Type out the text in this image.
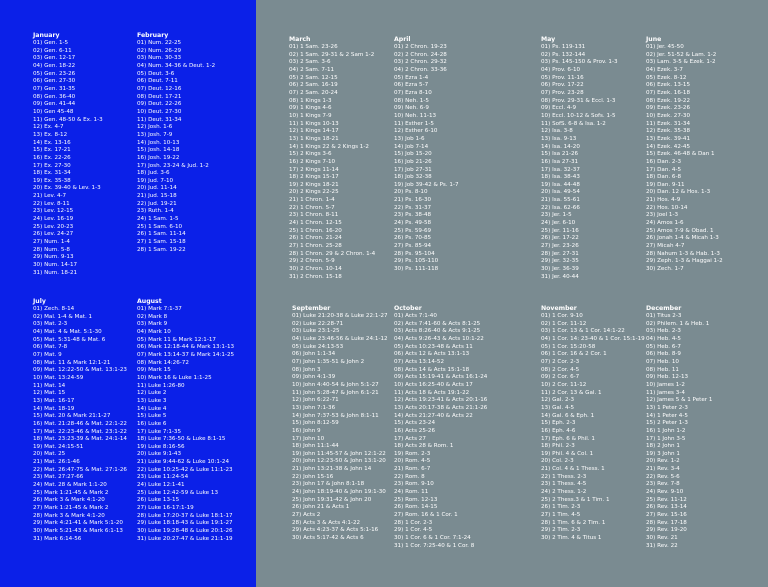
January
01) Gen. 1-5
02) Gen. 6-11
03) Gen. 12-17
04) Gen. 18-22
05) Gen. 23-26
06) Gen. 27-30
07) Gen. 31-35
08) Gen. 36-40
09) Gen. 41-44
10) Gen 45-48
11) Gen. 48-50 & Ex. 1-3
12) Ex. 4-7
13) Ex. 8-12
14) Ex. 13-16
15) Ex. 17-21
16) Ex. 22-26
17) Ex. 27-30
18) Ex. 31-34
19) Ex. 35-38
20) Ex. 39-40 & Lev. 1-3
21) Lev. 4-7
22) Lev. 8-11
23) Lev. 12-15
24) Lev. 16-19
25) Lev. 20-23
26) Lev. 24-27
27) Num. 1-4
28) Num. 5-8
29) Num. 9-13
30) Num. 14-17
31) Num. 18-21
February
01) Num. 22-25
02) Num. 26-29
03) Num. 30-33
04) Num. 34-36 & Deut. 1-2
05) Deut. 3-6
06) Deut. 7-11
07) Deut. 12-16
08) Deut. 17-21
09) Deut. 22-26
10) Deut. 27-30
11) Deut. 31-34
12) Josh. 1-6
13) Josh. 7-9
14) Josh. 10-13
15) Josh. 14-18
16) Josh. 19-22
17) Josh. 23-24 & Jud. 1-2
18) Jud. 3-6
19) Jud. 7-10
20) Jud. 11-14
21) Jud. 15-18
22) Jud. 19-21
23) Ruth. 1-4
24) 1 Sam. 1-5
25) 1 Sam. 6-10
26) 1 Sam. 11-14
27) 1 Sam. 15-18
28) 1 Sam. 19-22
March
01) 1 Sam. 23-26
02) 1 Sam. 29-31 & 2 Sam 1-2
03) 2 Sam. 3-6
04) 2 Sam. 7-11
05) 2 Sam. 12-15
06) 2 Sam. 16-19
07) 2 Sam. 20-24
08) 1 Kings 1-3
09) 1 Kings 4-6
10) 1 Kings 7-9
11) 1 Kings 10-13
12) 1 Kings 14-17
13) 1 Kings 18-21
14) 1 Kings 22 & 2 Kings 1-2
15) 2 Kings 3-6
16) 2 Kings 7-10
17) 2 Kings 11-14
18) 2 Kings 15-17
19) 2 Kings 18-21
20) 2 Kings 22-25
21) 1 Chron. 1-4
22) 1 Chron. 5-7
23) 1 Chron. 8-11
24) 1 Chron. 12-15
25) 1 Chron. 16-20
26) 1 Chron. 21-24
27) 1 Chron. 25-28
28) 1 Chron. 29 & 2 Chron. 1-4
29) 2 Chron. 5-9
30) 2 Chron. 10-14
31) 2 Chron. 15-18
April
01) 2 Chron. 19-23
02) 2 Chron. 24-28
03) 2 Chron. 29-32
04) 2 Chron. 33-36
05) Ezra 1-4
06) Ezra 5-7
07) Ezra 8-10
08) Neh. 1-5
09) Neh. 6-9
10) Neh. 11-13
11) Esther 1-5
12) Esther 6-10
13) Job 1-6
14) Job 7-14
15) Job 15-20
16) Job 21-26
17) Job 27-31
18) Job 32-38
19) Job 39-42 & Ps. 1-7
20) Ps. 8-10
21) Ps. 16-30
22) Ps. 31-37
23) Ps. 38-48
24) Ps. 49-58
25) Ps. 59-69
26) Ps. 70-85
27) Ps. 85-94
28) Ps. 95-104
29) Ps. 105-110
30) Ps. 111-118
May
01) Ps. 119-131
02) Ps. 132-144
03) Ps. 145-150 & Prov. 1-3
04) Prov. 6-10
05) Prov. 11-16
06) Prov. 17-22
07) Prov. 23-28
08) Prov. 29-31 & Eccl. 1-3
09) Eccl. 4-9
10) Eccl. 10-12 & Sofs. 1-5
11) SofS. 6-8 & Isa. 1-2
12) Isa. 3-8
13) Isa. 9-13
14) Isa. 14-20
15) Isa 21-26
16) Isa 27-31
17) Isa. 32-37
18) Isa. 38-43
19) Isa. 44-48
20) Isa. 49-54
21) Isa. 55-61
22) Isa. 62-66
23) Jer. 1-5
24) Jer. 6-10
25) Jer. 11-16
26) Jer. 17-22
27) Jer. 23-26
28) Jer. 27-31
29) Jer. 32-35
30) Jer. 36-39
31) Jer. 40-44
June
01) Jer. 45-50
02) Jer. 51-52 & Lam. 1-2
03) Lam. 3-5 & Ezek. 1-2
04) Ezek. 3-7
05) Ezek. 8-12
06) Ezek. 13-15
07) Ezek. 16-18
08) Ezek. 19-22
09) Ezek. 23-26
10) Ezek. 27-30
11) Ezek. 31-34
12) Ezek. 35-38
13) Ezek. 39-41
14) Ezek. 42-45
15) Ezek. 46-48 & Dan 1
16) Dan. 2-3
17) Dan. 4-5
18) Dan. 6-8
19) Dan. 9-11
20) Dan. 12 & Hos. 1-3
21) Hos. 4-9
22) Hos. 10-14
23) Joel 1-3
24) Amos 1-6
25) Amos 7-9 & Obad. 1
26) Jonah 1-4 & Micah 1-3
27) Micah 4-7
28) Nahum 1-3 & Hab. 1-3
29) Zeph. 1-3 & Haggai 1-2
30) Zech. 1-7
July
01) Zech. 8-14
02) Mal. 1-4 & Mat. 1
03) Mat. 2-3
04) Mat. 4 & Mat. 5:1-30
05) Mat. 5:31-48 & Mat. 6
06) Mat. 7-8
07) Mat. 9
08) Mat. 11 & Mark 12:1-21
09) Mat. 12:22-50 & Mat. 13:1-23
10) Mat. 13:24-59
11) Mat. 14
12) Mat. 15
13) Mat. 16-17
14) Mat. 18-19
15) Mat. 20 & Mark 21:1-27
16) Mat. 21:28-46 & Mat. 22:1-22
17) Mat. 22:23-46 & Mat. 23:1-22
18) Mat. 23:23-39 & Mat. 24:1-14
19) Mat. 24:15-51
20) Mat. 25
21) Mat. 26:1-46
22) Mat. 26:47-75 & Mat. 27:1-26
23) Mat. 27:27-66
24) Mat. 28 & Mark 1:1-20
25) Mark 1:21-45 & Mark 2
26) Mark 3 & Mark 4:1-20
27) Mark 1:21-45 & Mark 2
28) Mark 3 & Mark 4:1-20
29) Mark 4:21-41 & Mark 5:1-20
30) Mark 5:21-43 & Mark 6:1-13
31) Mark 6:14-56
August
01) Mark 7:1-37
02) Mark 8
03) Mark 9
04) Mark 10
05) Mark 11 & Mark 12:1-17
06) Mark 12:18-44 & Mark 13:1-13
07) Mark 13:14-37 & Mark 14:1-25
08) Mark 14:26-72
09) Mark 15
10) Mark 16 & Luke 1:1-25
11) Luke 1:26-80
12) Luke 2
13) Luke 3
14) Luke 4
15) Luke 5
16) Luke 6
17) Luke 7:1-35
18) Luke 7:36-50 & Luke 8:1-15
19) Luke 8:16-56
20) Luke 9:1-43
21) Luke 9:44-62 & Luke 10:1-24
22) Luke 10:25-42 & Luke 11:1-23
23) Luke 11:24-54
24) Luke 12:1-41
25) Luke 12:42-59 & Luke 13
26) Luke 13-15
27) Luke 16-17:1-19
28) Luke 17:20-37 & Luke 18:1-17
29) Luke 18:18-43 & Luke 19:1-27
30) Luke 19:28-48 & Luke 20:1-26
31) Luke 20:27-47 & Luke 21:1-19
September
01) Luke 21:20-38 & Luke 22:1-27
02) Luke 22:28-71
03) Luke 23:1-25
04) Luke 23:46-56 & Luke 24:1-12
05) Luke 24:13-53
06) John 1:1-34
07) John 1:35-51 & John 2
08) John 3
09) John 4:1-39
10) John 4:40-54 & John 5:1-27
11) John 5:28-47 & John 6:1-21
12) John 6:22-71
13) John 7:1-36
14) John 7:37-53 & John 8:1-11
15) John 8:12-59
16) John 9
17) John 10
18) John 11:1-44
19) John 11:45-57 & John 12:1-22
20) John 12:23-50 & John 13:1-20
21) John 13:21-38 & John 14
22) John 15-16
23) John 17 & John 8:1-18
24) John 18:19-40 & John 19:1-30
25) John 19:31-42 & John 20
26) John 21 & Acts 1
27) Acts 2
28) Acts 3 & Acts 4:1-22
29) Acts 4:23-37 & Acts 5:1-16
30) Acts 5:17-42 & Acts 6
October
01) Acts 7:1-40
02) Acts 7:41-60 & Acts 8:1-25
03) Acts 8:26-40 & Acts 9:1-25
04) Acts 9:26-43 & Acts 10:1-22
05) Acts 10:23-48 & Acts 11
06) Acts 12 & Acts 13:1-13
07) Acts 13:14-52
08) Acts 14 & Acts 15:1-18
09) Acts 15:19-41 & Acts 16:1-24
10) Acts 16:25-40 & Acts 17
11) Acts 18 & Acts 19:1-22
12) Acts 19:23-41 & Acts 20:1-16
13) Acts 20:17-38 & Acts 21:1-26
14) Acts 21:27-40 & Acts 22
15) Acts 23-24
16) Acts 25-26
17) Acts 27
18) Acts 28 & Rom. 1
19) Rom. 2-3
20) Rom. 4-5
21) Rom. 6-7
22) Rom. 8
23) Rom. 9-10
24) Rom. 11
25) Rom. 12-13
26) Rom. 14-15
27) Rom. 16 & 1 Cor. 1
28) 1 Cor. 2-3
29) 1 Cor. 4-5
30) 1 Cor. 6 & 1 Cor. 7:1-24
31) 1 Cor. 7:25-40 & 1 Cor. 8
November
01) 1 Cor. 9-10
02) 1 Cor. 11-12
03) 1 Cor. 13 & 1 Cor. 14:1-22
04) 1 Cor. 14: 23-40 & 1 Cor. 15:1-19
05) 1 Cor. 15:20-58
06) 1 Cor. 16 & 2 Cor. 1
07) 2 Cor. 2-3
08) 2 Cor. 4-5
09) 2 Cor. 6-7
10) 2 Cor. 11-12
11) 2 Cor. 13 & Gal. 1
12) Gal. 2-3
13) Gal. 4-5
14) Gal. 6 & Eph. 1
15) Eph. 2-3
16) Eph. 4-6
17) Eph. 6 & Phil. 1
18) Phil. 2-3
19) Phil. 4 & Col. 1
20) Col. 2-3
21) Col. 4 & 1 Thess. 1
22) 1 Thess. 2-3
23) 1 Thess. 4-5
24) 2 Thess. 1-2
25) 2 Thess.3 & 1 Tim. 1
26) 1 Tim. 2-3
27) 1 Tim. 4-5
28) 1 Tim. 6 & 2 Tim. 1
29) 2 Tim. 2-3
30) 2 Tim. 4 & Titus 1
December
01) Titus 2-3
02) Philem. 1 & Heb. 1
03) Heb. 2-3
04) Heb. 4-5
05) Heb. 6-7
06) Heb. 8-9
07) Heb. 10
08) Heb. 11
09) Heb. 12-13
10) James 1-2
11) James 3-4
12) James 5 & 1 Peter 1
13) 1 Peter 2-3
14) 1 Peter 4-5
15) 2 Peter 1-3
16) 1 John 1-2
17) 1 John 3-5
18) 2 John 1
19) 3 John 1
20) Rev. 1-2
21) Rev. 3-4
22) Rev. 5-6
23) Rev. 7-8
24) Rev. 9-10
25) Rev. 11-12
26) Rev. 13-14
27) Rev. 15-16
28) Rev. 17-18
29) Rev. 19-20
30) Rev. 21
31) Rev. 22
